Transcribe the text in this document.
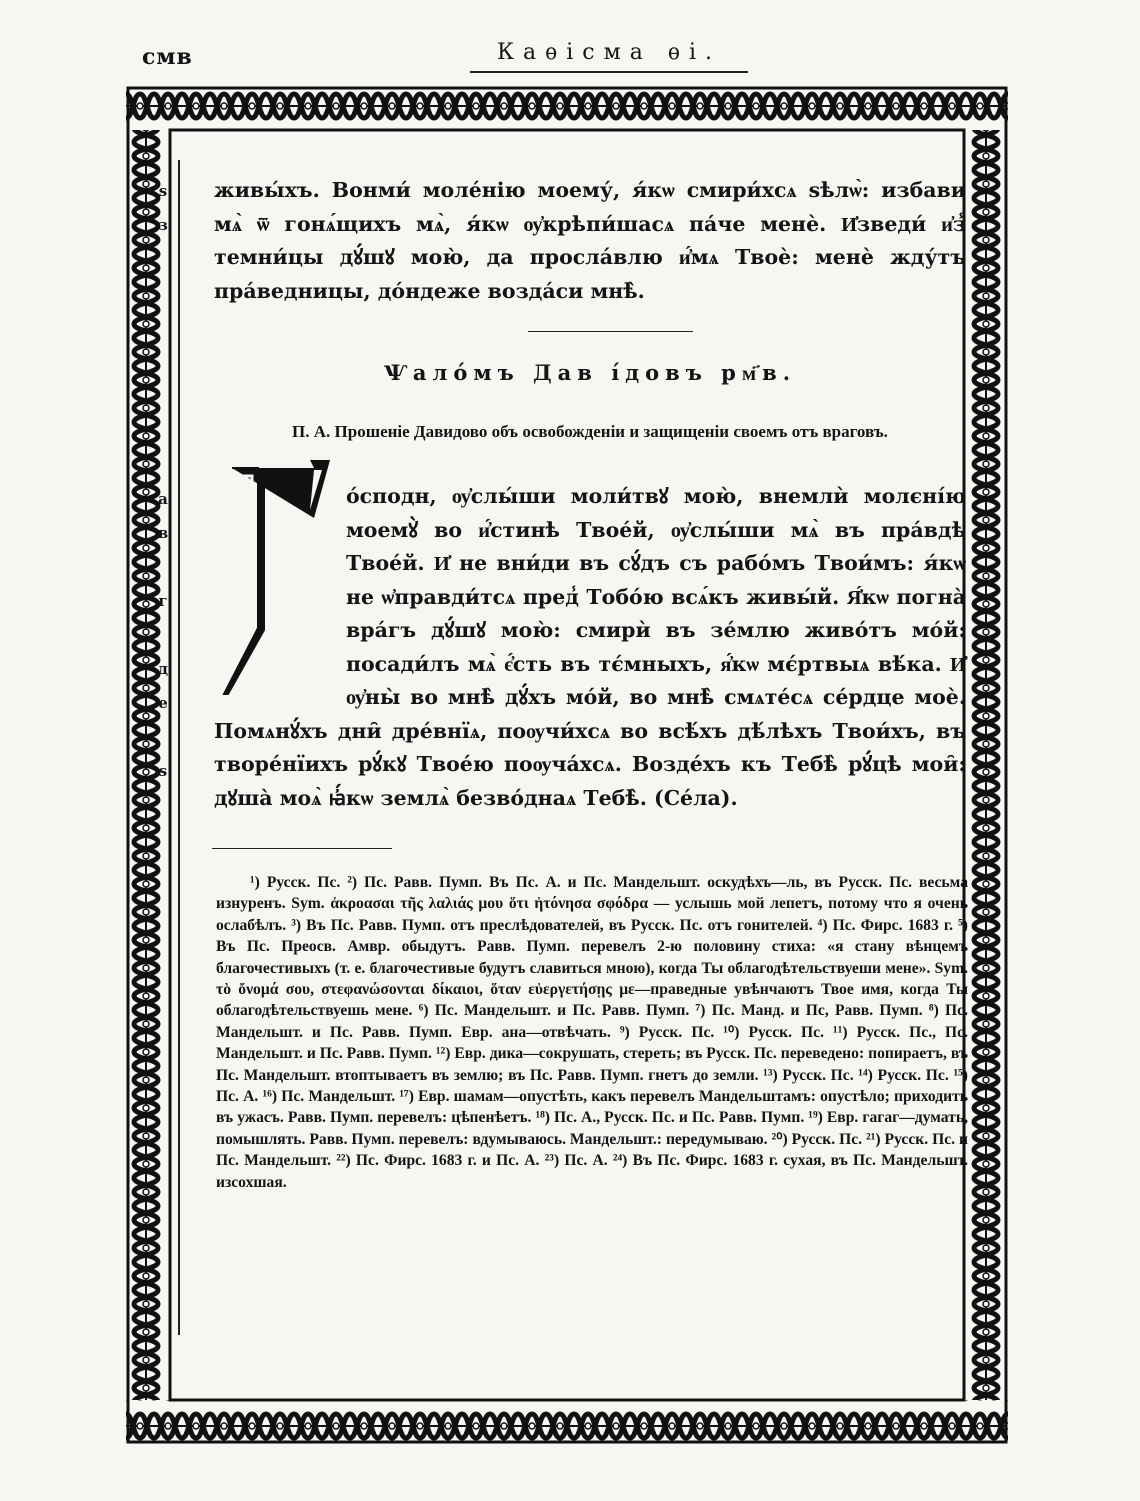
смв	Каѳісма ѳі.
ѕ
з
живы́хъ. Вонми́ моле́нію моему́, я́кѡ смири́хсѧ ѕѣлѡ̀: избави мѧ̀ ѿ гонѧ́щихъ мѧ̀, я́кѡ ѹ҆крѣпи́шасѧ па́че менѐ. И҆зведи́ и҆з̾ темни́цы дꙋ́шꙋ мою̀, да прослáвлю и҆́мѧ Твоѐ: менѐ жду́тъ пра́ведницы, до́ндеже возда́си мнѣ̀.
Ѱало́мъ Дав і́довъ рм҃в.
П. А. Прошеніе Давидово объ освобожденіи и защищеніи своемъ отъ враговъ.
а
в
г
д
е
ѕ
о́сподн, ѹ҆слы́ши моли́твꙋ мою̀, внемлѝ молєні́ю моемꙋ̀ во и҆́стинѣ Твое́й, ѹ҆слы́ши мѧ̀ въ пра́вдѣ Твое́й. И҆ не вни́ди въ сꙋ́дъ съ рабо́мъ Твои́мъ: я́кѡ не ѡ҆правди́тсѧ пред̾ Тобо́ю всѧ́къ живы́й. Я҆́кѡ погна̀ вра́гъ дꙋ́шꙋ мою̀: смирѝ въ зе́млю живо́тъ мо́й: посади́лъ мѧ̀ є҆́сть въ тє́мныхъ, я҆́кѡ мє́ртвыѧ вѣ́ка. И҆ ѹ҆ны̀ во мнѣ̀ дꙋ́хъ мо́й, во мнѣ̀ смѧте́сѧ се́рдце моѐ. Помѧнꙋ́хъ дни̑ дре́внїѧ, поѹчи́хсѧ во всѣ́хъ дѣ́лѣхъ Твои́хъ, въ творе́нїихъ рꙋ́кꙋ Твое́ю поѹча́хсѧ. Возде́хъ къ Тебѣ̀ рꙋ́цѣ мои̑: дꙋша̀ моѧ̀ ꙗ҆́кѡ землѧ̀ безво́днаѧ Тебѣ̀. (Се́ла).
¹) Русск. Пс. ²) Пс. Равв. Пумп. Въ Пс. А. и Пс. Мандельшт. оскудѣхъ—ль, въ Русск. Пс. весьма изнуренъ. Sym. ἀκροασαι τῆς λαλιάς μου ὅτι ἠτόνησα σφόδρα — услышь мой лепетъ, потому что я очень ослабѣлъ. ³) Въ Пс. Равв. Пумп. отъ преслѣдователей, въ Русск. Пс. отъ гонителей. ⁴) Пс. Фирс. 1683 г. ⁵) Въ Пс. Преосв. Амвр. обыдутъ. Равв. Пумп. перевелъ 2-ю половину стиха: «я стану вѣнцемъ благочестивыхъ (т. е. благочестивые будутъ славиться мною), когда Ты облагодѣтельствуеши мене». Sym. τὸ ὄνομά σου, στεφανώσονται δίκαιοι, ὅταν εὐεργετήσῃς με—праведные увѣнчаютъ Твое имя, когда Ты облагодѣтельствуешь мене. ⁶) Пс. Мандельшт. и Пс. Равв. Пумп. ⁷) Пс. Манд. и Пс, Равв. Пумп. ⁸) Пс. Мандельшт. и Пс. Равв. Пумп. Евр. ана—отвѣчать. ⁹) Русск. Пс. ¹⁰) Русск. Пс. ¹¹) Русск. Пс., Пс. Мандельшт. и Пс. Равв. Пумп. ¹²) Евр. дика—сокрушать, стереть; въ Русск. Пс. переведено: попираетъ, въ Пс. Мандельшт. втоптываетъ въ землю; въ Пс. Равв. Пумп. гнетъ до земли. ¹³) Русск. Пс. ¹⁴) Русск. Пс. ¹⁵) Пс. А. ¹⁶) Пс. Мандельшт. ¹⁷) Евр. шамам—опустѣть, какъ перевелъ Мандельштамъ: опустѣло; приходить въ ужасъ. Равв. Пумп. перевелъ: цѣпенѣетъ. ¹⁸) Пс. А., Русск. Пс. и Пс. Равв. Пумп. ¹⁹) Евр. гагаг—думать, помышлять. Равв. Пумп. перевелъ: вдумываюсь. Мандельшт.: передумываю. ²⁰) Русск. Пс. ²¹) Русск. Пс. и Пс. Мандельшт. ²²) Пс. Фирс. 1683 г. и Пс. А. ²³) Пс. А. ²⁴) Въ Пс. Фирс. 1683 г. сухая, въ Пс. Мандельшт. изсохшая.
